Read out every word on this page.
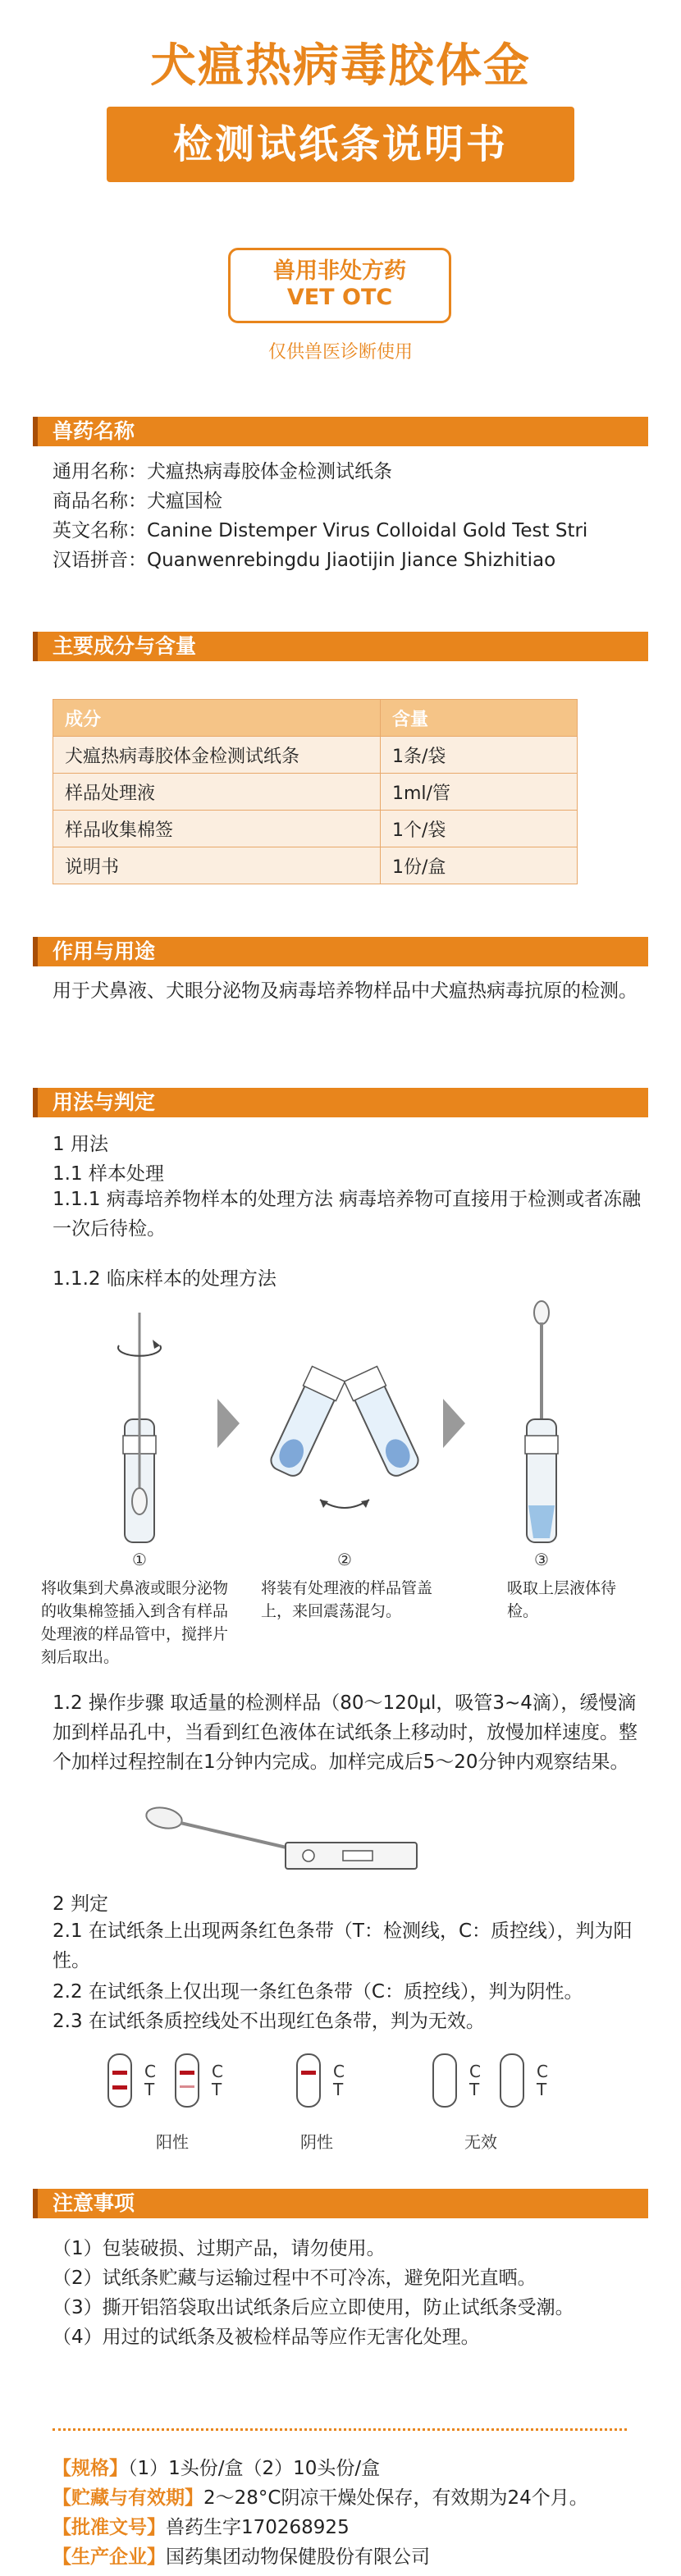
犬瘟热病毒胶体金
检测试纸条说明书
兽用非处方药
VET OTC
仅供兽医诊断使用
兽药名称
通用名称：犬瘟热病毒胶体金检测试纸条
商品名称：犬瘟国检
英文名称：Canine Distemper Virus Colloidal Gold Test Stri
汉语拼音：Quanwenrebingdu Jiaotijin Jiance Shizhitiao
主要成分与含量
成分	含量
犬瘟热病毒胶体金检测试纸条	1条/袋
样品处理液	1ml/管
样品收集棉签	1个/袋
说明书	1份/盒
作用与用途
用于犬鼻液、犬眼分泌物及病毒培养物样品中犬瘟热病毒抗原的检测。
用法与判定
1 用法
1.1 样本处理
1.1.1 病毒培养物样本的处理方法 病毒培养物可直接用于检测或者冻融一次后待检。
1.1.2 临床样本的处理方法
①	②	③
将收集到犬鼻液或眼分泌物的收集棉签插入到含有样品处理液的样品管中，搅拌片刻后取出。
将装有处理液的样品管盖上，来回震荡混匀。
吸取上层液体待检。
1.2 操作步骤 取适量的检测样品（80～120μl，吸管3~4滴），缓慢滴加到样品孔中，当看到红色液体在试纸条上移动时，放慢加样速度。整个加样过程控制在1分钟内完成。加样完成后5～20分钟内观察结果。
2 判定
2.1 在试纸条上出现两条红色条带（T：检测线，C：质控线），判为阳性。
2.2 在试纸条上仅出现一条红色条带（C：质控线），判为阴性。
2.3 在试纸条质控线处不出现红色条带，判为无效。
C
T
C
T
C
T
C
T
C
T
阳性	阴性	无效
注意事项
（1）包装破损、过期产品，请勿使用。
（2）试纸条贮藏与运输过程中不可冷冻，避免阳光直晒。
（3）撕开铝箔袋取出试纸条后应立即使用，防止试纸条受潮。
（4）用过的试纸条及被检样品等应作无害化处理。
【规格】（1）1头份/盒（2）10头份/盒
【贮藏与有效期】2～28°C阴凉干燥处保存，有效期为24个月。
【批准文号】兽药生字170268925
【生产企业】国药集团动物保健股份有限公司
